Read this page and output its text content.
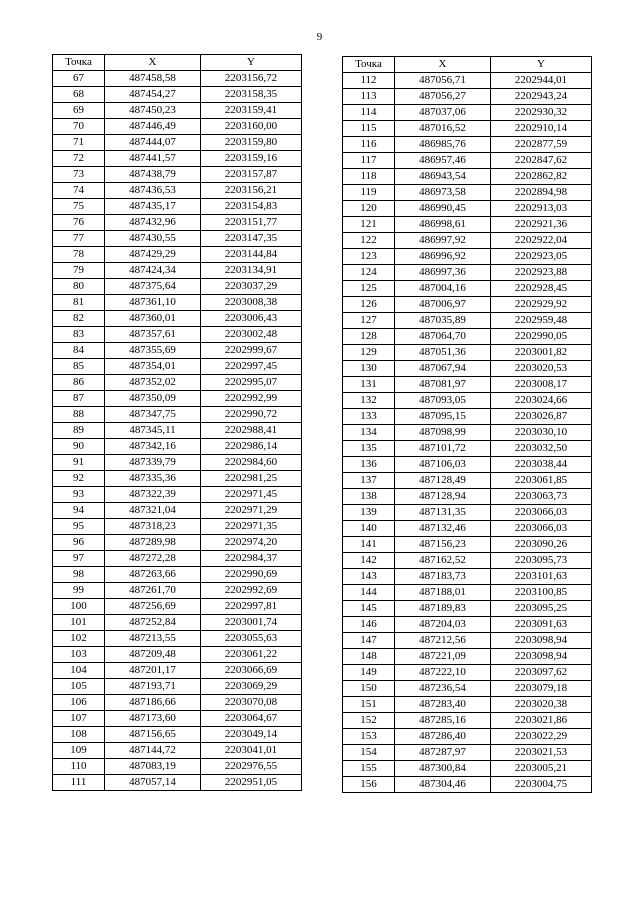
9
Точка	X	Y
67	487458,58	2203156,72
68	487454,27	2203158,35
69	487450,23	2203159,41
70	487446,49	2203160,00
71	487444,07	2203159,80
72	487441,57	2203159,16
73	487438,79	2203157,87
74	487436,53	2203156,21
75	487435,17	2203154,83
76	487432,96	2203151,77
77	487430,55	2203147,35
78	487429,29	2203144,84
79	487424,34	2203134,91
80	487375,64	2203037,29
81	487361,10	2203008,38
82	487360,01	2203006,43
83	487357,61	2203002,48
84	487355,69	2202999,67
85	487354,01	2202997,45
86	487352,02	2202995,07
87	487350,09	2202992,99
88	487347,75	2202990,72
89	487345,11	2202988,41
90	487342,16	2202986,14
91	487339,79	2202984,60
92	487335,36	2202981,25
93	487322,39	2202971,45
94	487321,04	2202971,29
95	487318,23	2202971,35
96	487289,98	2202974,20
97	487272,28	2202984,37
98	487263,66	2202990,69
99	487261,70	2202992,69
100	487256,69	2202997,81
101	487252,84	2203001,74
102	487213,55	2203055,63
103	487209,48	2203061,22
104	487201,17	2203066,69
105	487193,71	2203069,29
106	487186,66	2203070,08
107	487173,60	2203064,67
108	487156,65	2203049,14
109	487144,72	2203041,01
110	487083,19	2202976,55
111	487057,14	2202951,05
Точка	X	Y
112	487056,71	2202944,01
113	487056,27	2202943,24
114	487037,06	2202930,32
115	487016,52	2202910,14
116	486985,76	2202877,59
117	486957,46	2202847,62
118	486943,54	2202862,82
119	486973,58	2202894,98
120	486990,45	2202913,03
121	486998,61	2202921,36
122	486997,92	2202922,04
123	486996,92	2202923,05
124	486997,36	2202923,88
125	487004,16	2202928,45
126	487006,97	2202929,92
127	487035,89	2202959,48
128	487064,70	2202990,05
129	487051,36	2203001,82
130	487067,94	2203020,53
131	487081,97	2203008,17
132	487093,05	2203024,66
133	487095,15	2203026,87
134	487098,99	2203030,10
135	487101,72	2203032,50
136	487106,03	2203038,44
137	487128,49	2203061,85
138	487128,94	2203063,73
139	487131,35	2203066,03
140	487132,46	2203066,03
141	487156,23	2203090,26
142	487162,52	2203095,73
143	487183,73	2203101,63
144	487188,01	2203100,85
145	487189,83	2203095,25
146	487204,03	2203091,63
147	487212,56	2203098,94
148	487221,09	2203098,94
149	487222,10	2203097,62
150	487236,54	2203079,18
151	487283,40	2203020,38
152	487285,16	2203021,86
153	487286,40	2203022,29
154	487287,97	2203021,53
155	487300,84	2203005,21
156	487304,46	2203004,75
